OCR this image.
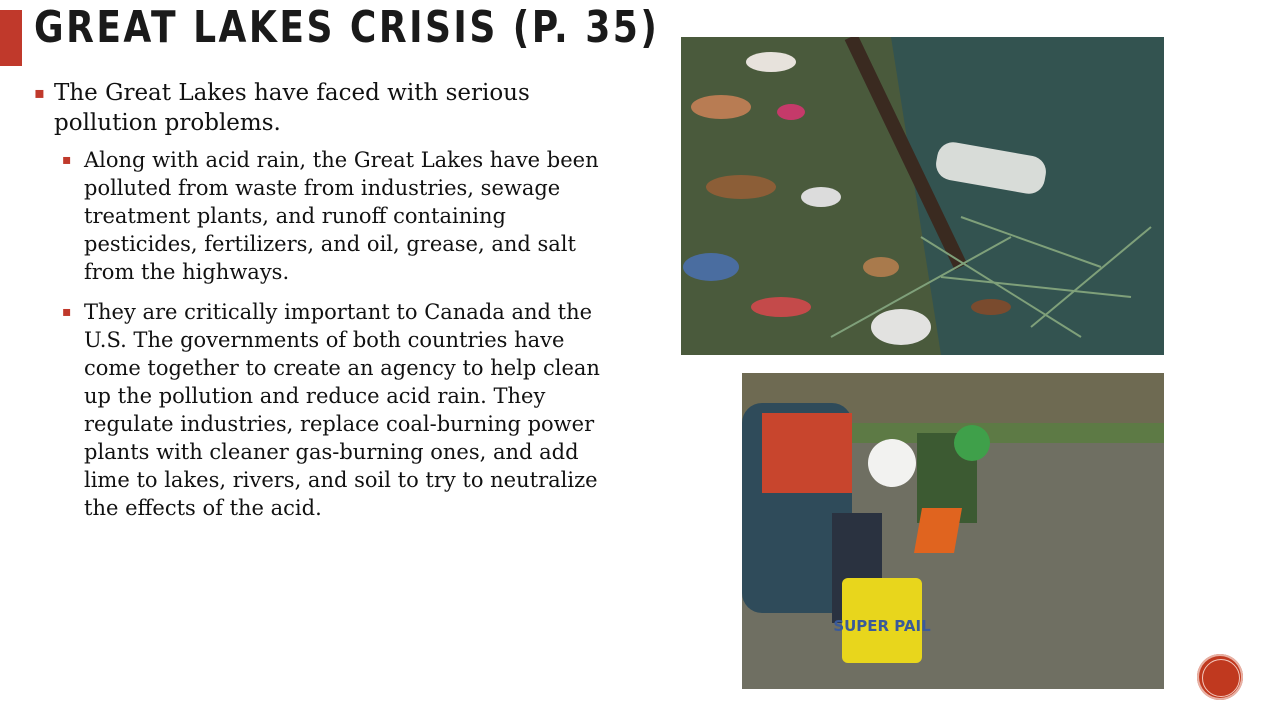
GREAT LAKES CRISIS (P. 35)
▪ The Great Lakes have faced with serious pollution problems.
▪ Along with acid rain, the Great Lakes have been polluted from waste from industries, sewage treatment plants, and runoff containing pesticides, fertilizers, and oil, grease, and salt from the highways.
▪ They are critically important to Canada and the U.S. The governments of both countries have come together to create an agency to help clean up the pollution and reduce acid rain. They regulate industries, replace coal-burning power plants with cleaner gas-burning ones, and add lime to lakes, rivers, and soil to try to neutralize the effects of the acid.
SUPER PAIL
